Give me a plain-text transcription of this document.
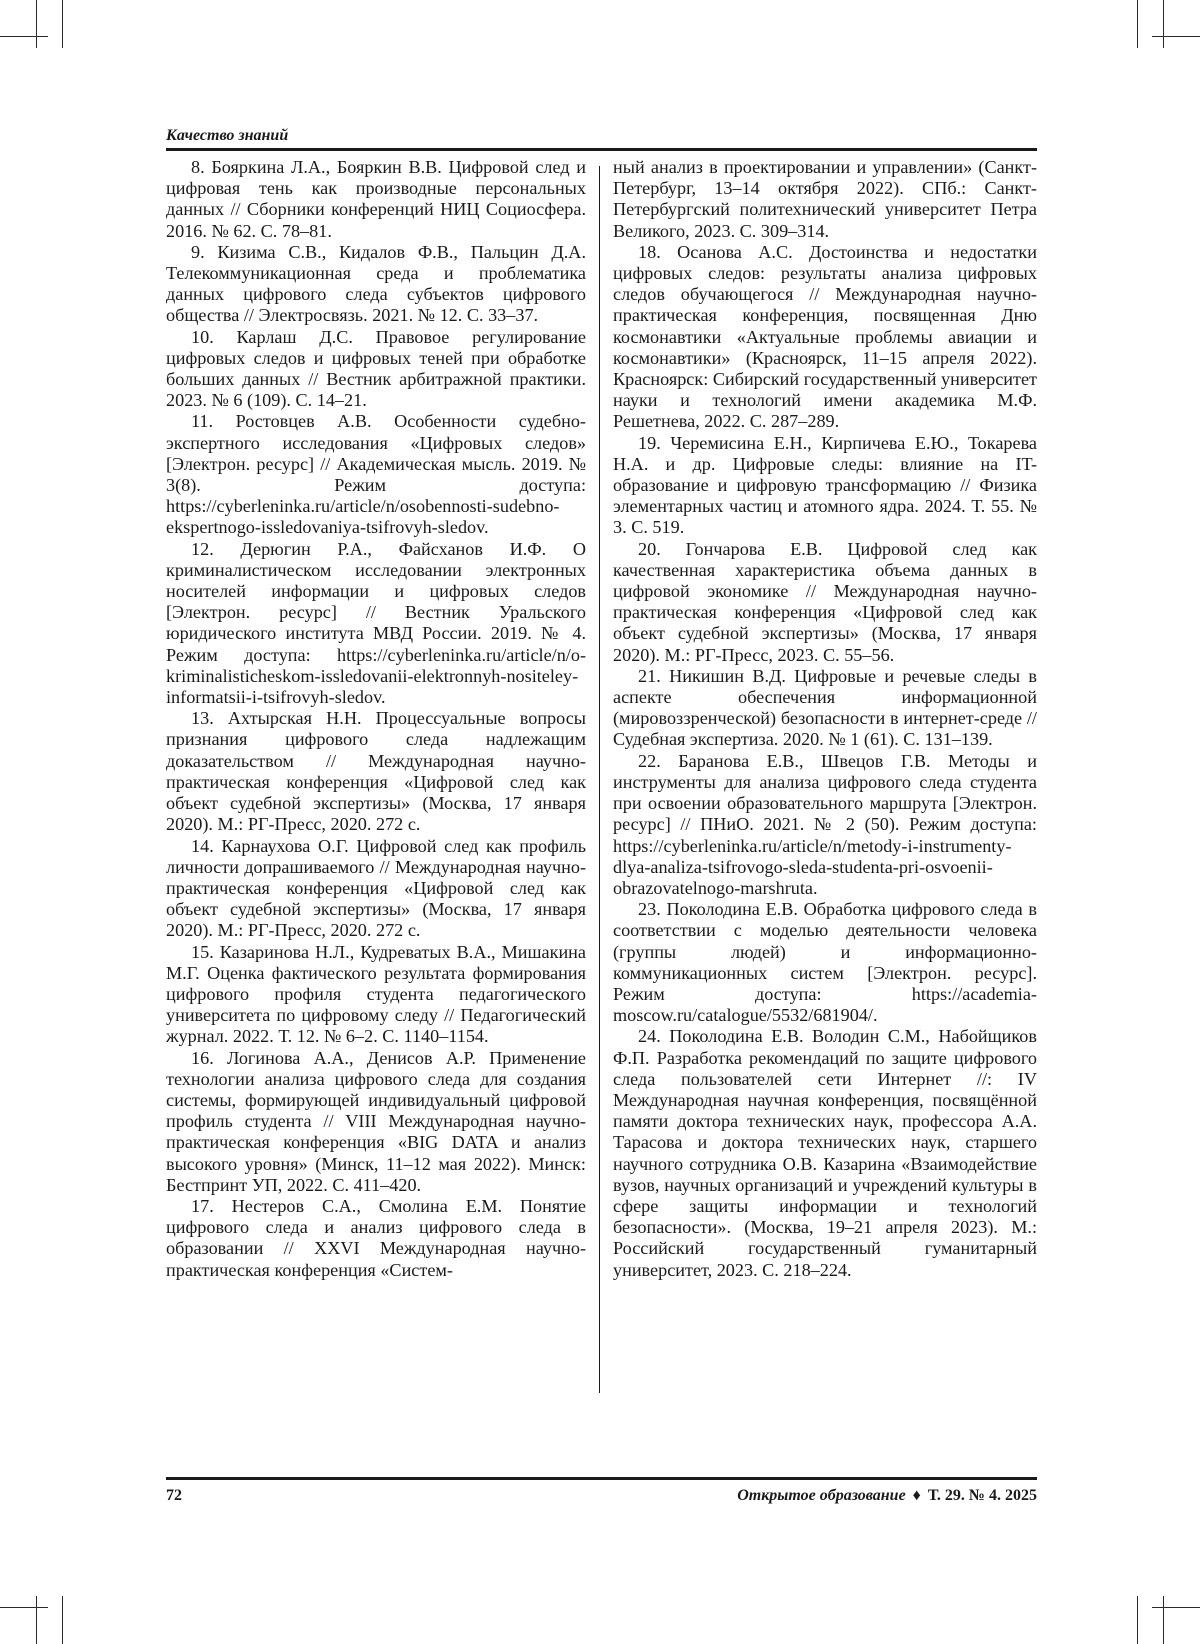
Качество знаний

8. Бояркина Л.А., Бояркин В.В. Цифровой след и цифровая тень как производные персональных данных // Сборники конференций НИЦ Социосфера. 2016. № 62. С. 78–81.

9. Кизима С.В., Кидалов Ф.В., Пальцин Д.А. Телекоммуникационная среда и проблематика данных цифрового следа субъектов цифрового общества // Электросвязь. 2021. № 12. С. 33–37.

10. Карлаш Д.С. Правовое регулирование цифровых следов и цифровых теней при обработке больших данных // Вестник арбитражной практики. 2023. № 6 (109). С. 14–21.

11. Ростовцев А.В. Особенности судебно-экспертного исследования «Цифровых следов» [Электрон. ресурс] // Академическая мысль. 2019. № 3(8). Режим доступа: https://cyberleninka.ru/article/n/osobennosti-sudebno-ekspertnogo-issledovaniya-tsifrovyh-sledov.

12. Дерюгин Р.А., Файсханов И.Ф. О криминалистическом исследовании электронных носителей информации и цифровых следов [Электрон. ресурс] // Вестник Уральского юридического института МВД России. 2019. № 4. Режим доступа: https://cyberleninka.ru/article/n/o-kriminalisticheskom-issledovanii-elektronnyh-nositeley-informatsii-i-tsifrovyh-sledov.

13. Ахтырская Н.Н. Процессуальные вопросы признания цифрового следа надлежащим доказательством // Международная научно-практическая конференция «Цифровой след как объект судебной экспертизы» (Москва, 17 января 2020). М.: РГ-Пресс, 2020. 272 с.

14. Карнаухова О.Г. Цифровой след как профиль личности допрашиваемого // Международная научно-практическая конференция «Цифровой след как объект судебной экспертизы» (Москва, 17 января 2020). М.: РГ-Пресс, 2020. 272 с.

15. Казаринова Н.Л., Кудреватых В.А., Мишакина М.Г. Оценка фактического результата формирования цифрового профиля студента педагогического университета по цифровому следу // Педагогический журнал. 2022. Т. 12. № 6–2. С. 1140–1154.

16. Логинова А.А., Денисов А.Р. Применение технологии анализа цифрового следа для создания системы, формирующей индивидуальный цифровой профиль студента // VIII Международная научно-практическая конференция «BIG DATA и анализ высокого уровня» (Минск, 11–12 мая 2022). Минск: Бестпринт УП, 2022. С. 411–420.

17. Нестеров С.А., Смолина Е.М. Понятие цифрового следа и анализ цифрового следа в образовании // XXVI Международная научно-практическая конференция «Систем-

ный анализ в проектировании и управлении» (Санкт-Петербург, 13–14 октября 2022). СПб.: Санкт-Петербургский политехнический университет Петра Великого, 2023. С. 309–314.

18. Осанова А.С. Достоинства и недостатки цифровых следов: результаты анализа цифровых следов обучающегося // Международная научно-практическая конференция, посвященная Дню космонавтики «Актуальные проблемы авиации и космонавтики» (Красноярск, 11–15 апреля 2022). Красноярск: Сибирский государственный университет науки и технологий имени академика М.Ф. Решетнева, 2022. С. 287–289.

19. Черемисина Е.Н., Кирпичева Е.Ю., Токарева Н.А. и др. Цифровые следы: влияние на IT-образование и цифровую трансформацию // Физика элементарных частиц и атомного ядра. 2024. Т. 55. № 3. С. 519.

20. Гончарова Е.В. Цифровой след как качественная характеристика объема данных в цифровой экономике // Международная научно-практическая конференция «Цифровой след как объект судебной экспертизы» (Москва, 17 января 2020). М.: РГ-Пресс, 2023. С. 55–56.

21. Никишин В.Д. Цифровые и речевые следы в аспекте обеспечения информационной (мировоззренческой) безопасности в интернет-среде // Судебная экспертиза. 2020. № 1 (61). С. 131–139.

22. Баранова Е.В., Швецов Г.В. Методы и инструменты для анализа цифрового следа студента при освоении образовательного маршрута [Электрон. ресурс] // ПНиО. 2021. № 2 (50). Режим доступа: https://cyberleninka.ru/article/n/metody-i-instrumenty-dlya-analiza-tsifrovogo-sleda-studenta-pri-osvoenii-obrazovatelnogo-marshruta.

23. Поколодина Е.В. Обработка цифрового следа в соответствии с моделью деятельности человека (группы людей) и информационно-коммуникационных систем [Электрон. ресурс]. Режим доступа: https://academia-moscow.ru/catalogue/5532/681904/.

24. Поколодина Е.В. Володин С.М., Набойщиков Ф.П. Разработка рекомендаций по защите цифрового следа пользователей сети Интернет //: IV Международная научная конференция, посвящённой памяти доктора технических наук, профессора А.А. Тарасова и доктора технических наук, старшего научного сотрудника О.В. Казарина «Взаимодействие вузов, научных организаций и учреждений культуры в сфере защиты информации и технологий безопасности». (Москва, 19–21 апреля 2023). М.: Российский государственный гуманитарный университет, 2023. С. 218–224.

72	Открытое образование ♦ Т. 29. № 4. 2025
